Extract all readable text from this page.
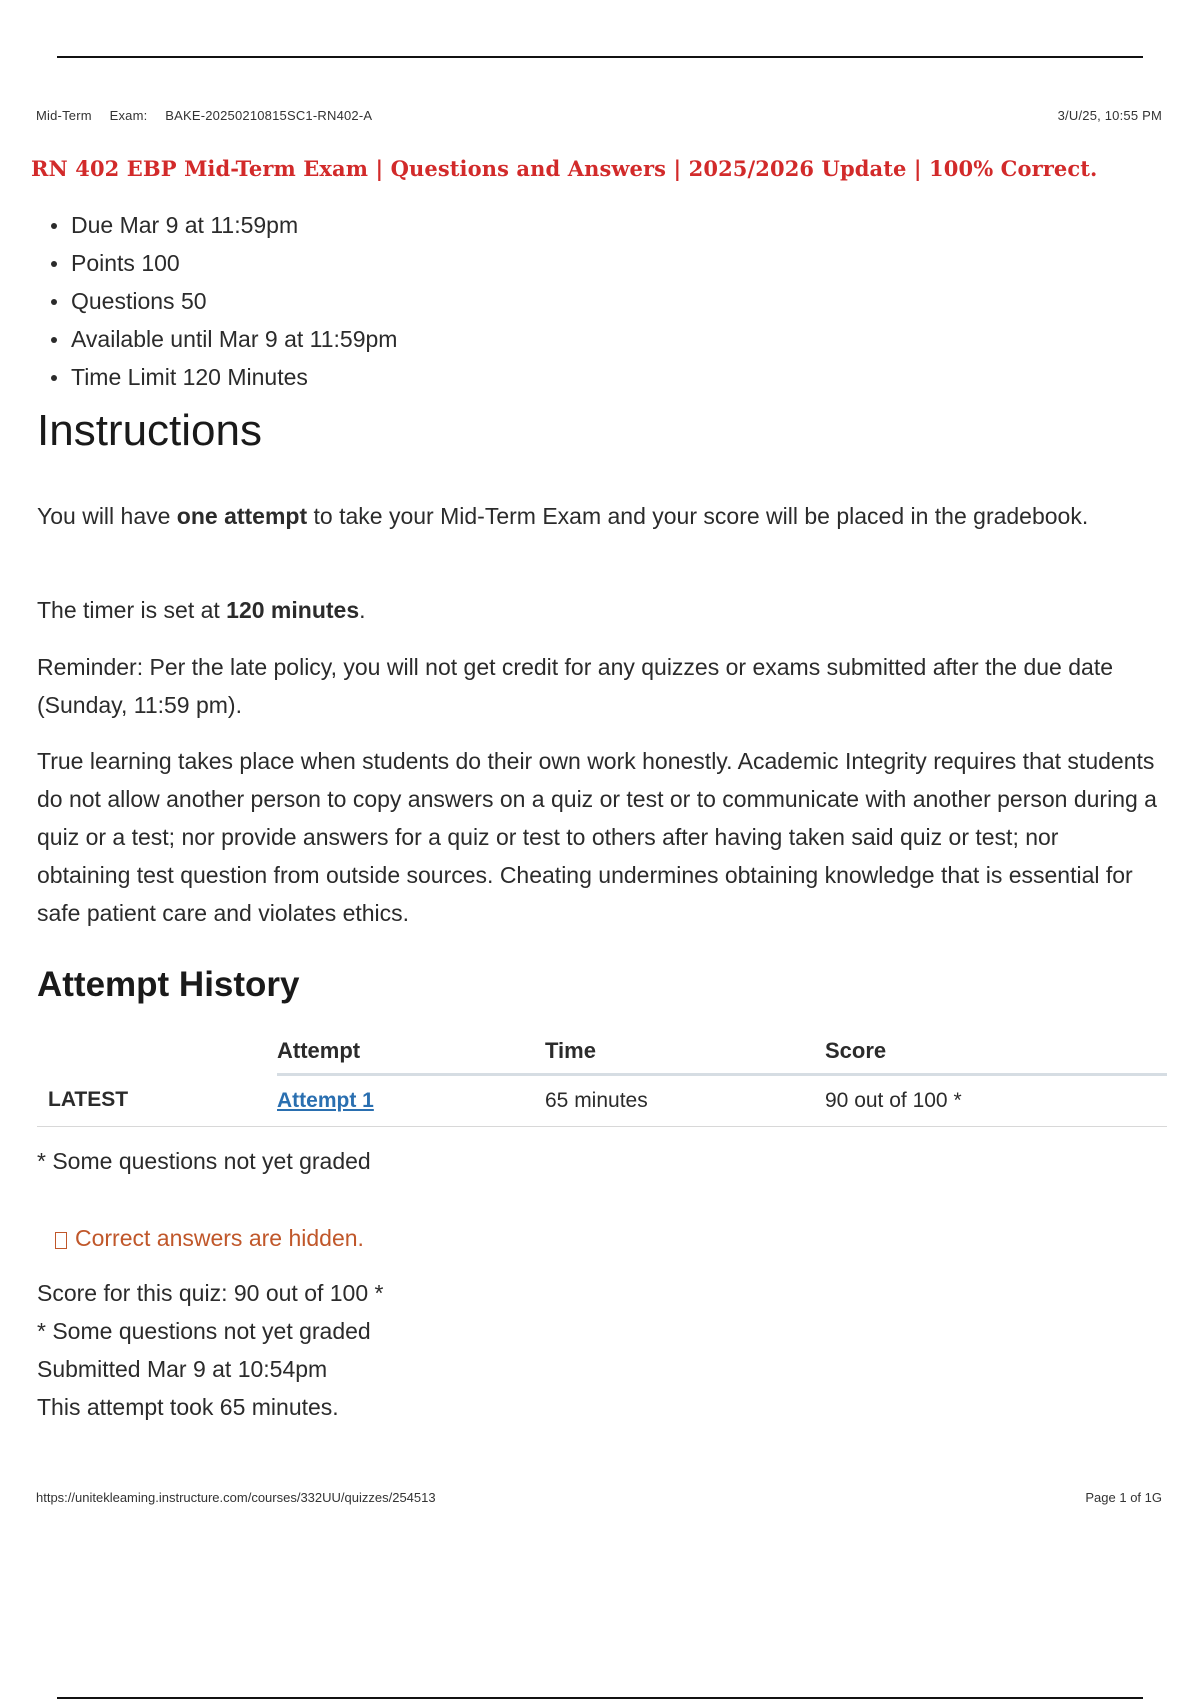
Mid-Term Exam: BAKE-20250210815SC1-RN402-A	3/U/25, 10:55 PM
RN 402 EBP Mid-Term Exam | Questions and Answers | 2025/2026 Update | 100% Correct.
Due Mar 9 at 11:59pm
Points 100
Questions 50
Available until Mar 9 at 11:59pm
Time Limit 120 Minutes
Instructions

You will have one attempt to take your Mid-Term Exam and your score will be placed in the gradebook.

The timer is set at 120 minutes.

Reminder: Per the late policy, you will not get credit for any quizzes or exams submitted after the due date (Sunday, 11:59 pm).

True learning takes place when students do their own work honestly. Academic Integrity requires that students do not allow another person to copy answers on a quiz or test or to communicate with another person during a quiz or a test; nor provide answers for a quiz or test to others after having taken said quiz or test; nor obtaining test question from outside sources. Cheating undermines obtaining knowledge that is essential for safe patient care and violates ethics.

Attempt History
	Attempt	Time	Score
LATEST	Attempt 1	65 minutes	90 out of 100 *
* Some questions not yet graded
Correct answers are hidden.
Score for this quiz: 90 out of 100 *
* Some questions not yet graded
Submitted Mar 9 at 10:54pm
This attempt took 65 minutes.
https://unitekleaming.instructure.com/courses/332UU/quizzes/254513	Page 1 of 1G
